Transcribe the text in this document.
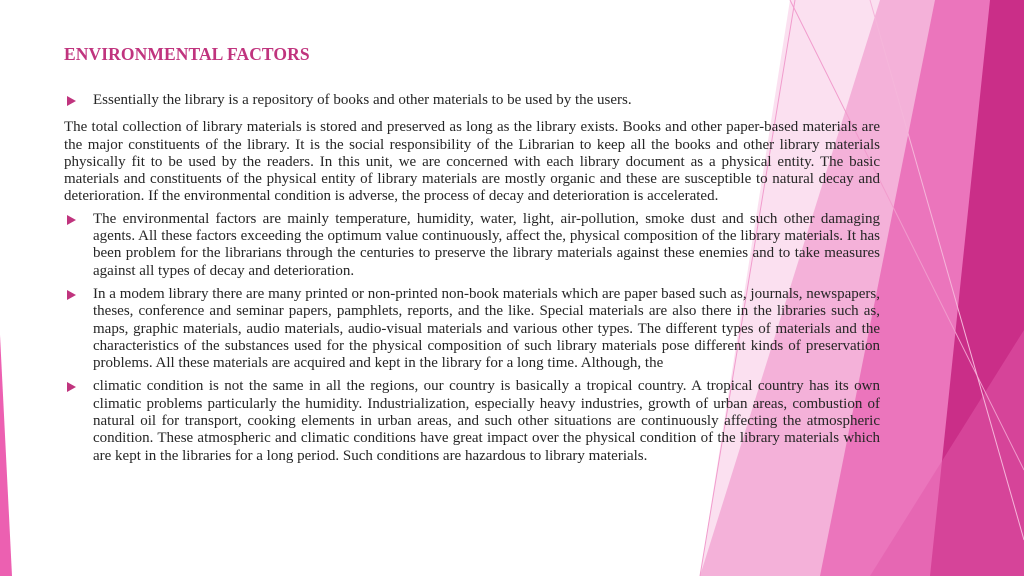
ENVIRONMENTAL FACTORS
Essentially the library is a repository of books and other materials to be used by the users.
The total collection of library materials is stored and preserved as long as the library exists. Books and other paper-based materials are the major constituents of the library. It is the social responsibility of the Librarian to keep all the books and other library materials physically fit to be used by the readers. In this unit, we are concerned with each library document as a physical entity. The basic materials and constituents of the physical entity of library materials are mostly organic and these are susceptible to natural decay and deterioration. If the environmental condition is adverse, the process of decay and deterioration is accelerated.
The environmental factors are mainly temperature, humidity, water, light, air-pollution, smoke dust and such other damaging agents. All these factors exceeding the optimum value continuously, affect the, physical composition of the library materials. It has been problem for the librarians through the centuries to preserve the library materials against these enemies and to take measures against all types of decay and deterioration.
In a modem library there are many printed or non-printed non-book materials which are paper based such as, journals, newspapers, theses, conference and seminar papers, pamphlets, reports, and the like. Special materials are also there in the libraries such as, maps, graphic materials, audio materials, audio-visual materials and various other types. The different types of materials and the characteristics of the substances used for the physical composition of such library materials pose different kinds of preservation problems. All these materials are acquired and kept in the library for a long time. Although, the
climatic condition is not the same in all the regions, our country is basically a tropical country. A tropical country has its own climatic problems particularly the humidity. Industrialization, especially heavy industries, growth of urban areas, combustion of natural oil for transport, cooking elements in urban areas, and such other situations are continuously affecting the atmospheric condition. These atmospheric and climatic conditions have great impact over the physical condition of the library materials which are kept in the libraries for a long period. Such conditions are hazardous to library materials.
